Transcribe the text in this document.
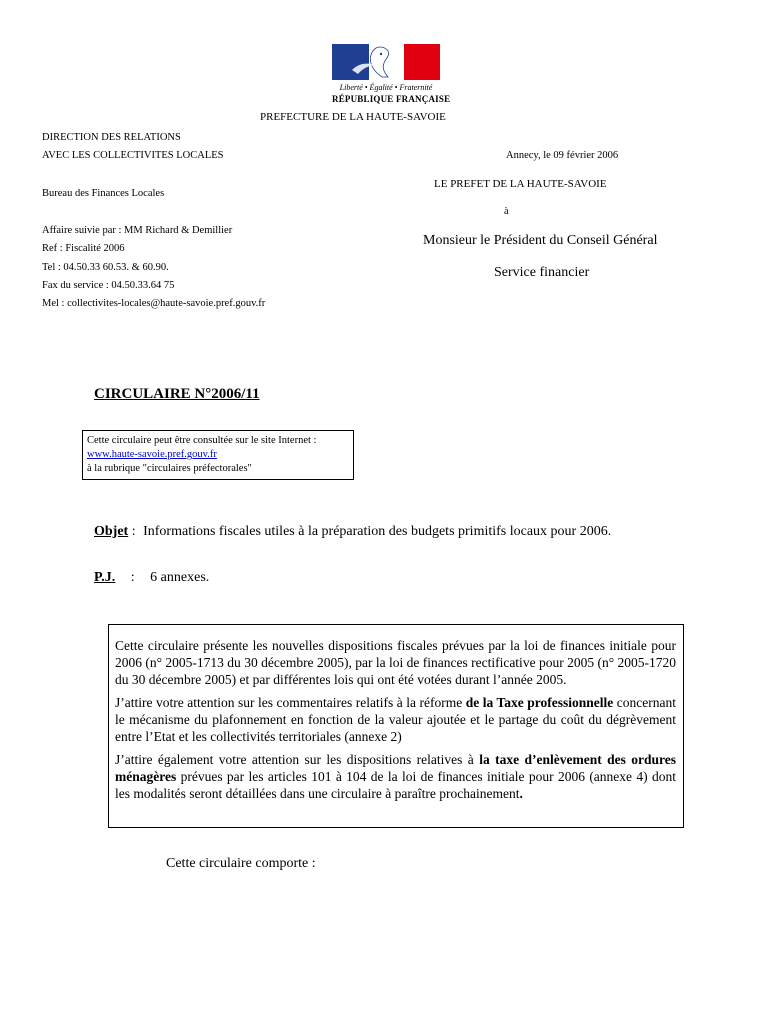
Liberté • Égalité • Fraternité
RÉPUBLIQUE FRANÇAISE
PREFECTURE DE LA HAUTE-SAVOIE
DIRECTION DES RELATIONS
AVEC LES COLLECTIVITES LOCALES	Annecy, le 09 février 2006
Bureau des Finances Locales
LE PREFET DE LA HAUTE-SAVOIE
à
Monsieur le Président du Conseil Général
Service financier
Affaire suivie par : MM Richard & Demillier
Ref : Fiscalité 2006
Tel : 04.50.33 60.53. & 60.90.
Fax du service : 04.50.33.64 75
Mel : collectivites-locales@haute-savoie.pref.gouv.fr
CIRCULAIRE N°2006/11
Cette circulaire peut être consultée sur le site Internet :
www.haute-savoie.pref.gouv.fr
à la rubrique "circulaires préfectorales"
Objet : Informations fiscales utiles à la préparation des budgets primitifs locaux pour 2006.
P.J. : 6 annexes.

Cette circulaire présente les nouvelles dispositions fiscales prévues par la loi de finances initiale pour 2006 (n° 2005-1713 du 30 décembre 2005), par la loi de finances rectificative pour 2005 (n° 2005-1720 du 30 décembre 2005) et par différentes lois qui ont été votées durant l’année 2005.

J’attire votre attention sur les commentaires relatifs à la réforme de la Taxe professionnelle concernant le mécanisme du plafonnement en fonction de la valeur ajoutée et le partage du coût du dégrèvement entre l’Etat et les collectivités territoriales (annexe 2)

J’attire également votre attention sur les dispositions relatives à la taxe d’enlèvement des ordures ménagères prévues par les articles 101 à 104 de la loi de finances initiale pour 2006 (annexe 4) dont les modalités seront détaillées dans une circulaire à paraître prochainement.

Cette circulaire comporte :
